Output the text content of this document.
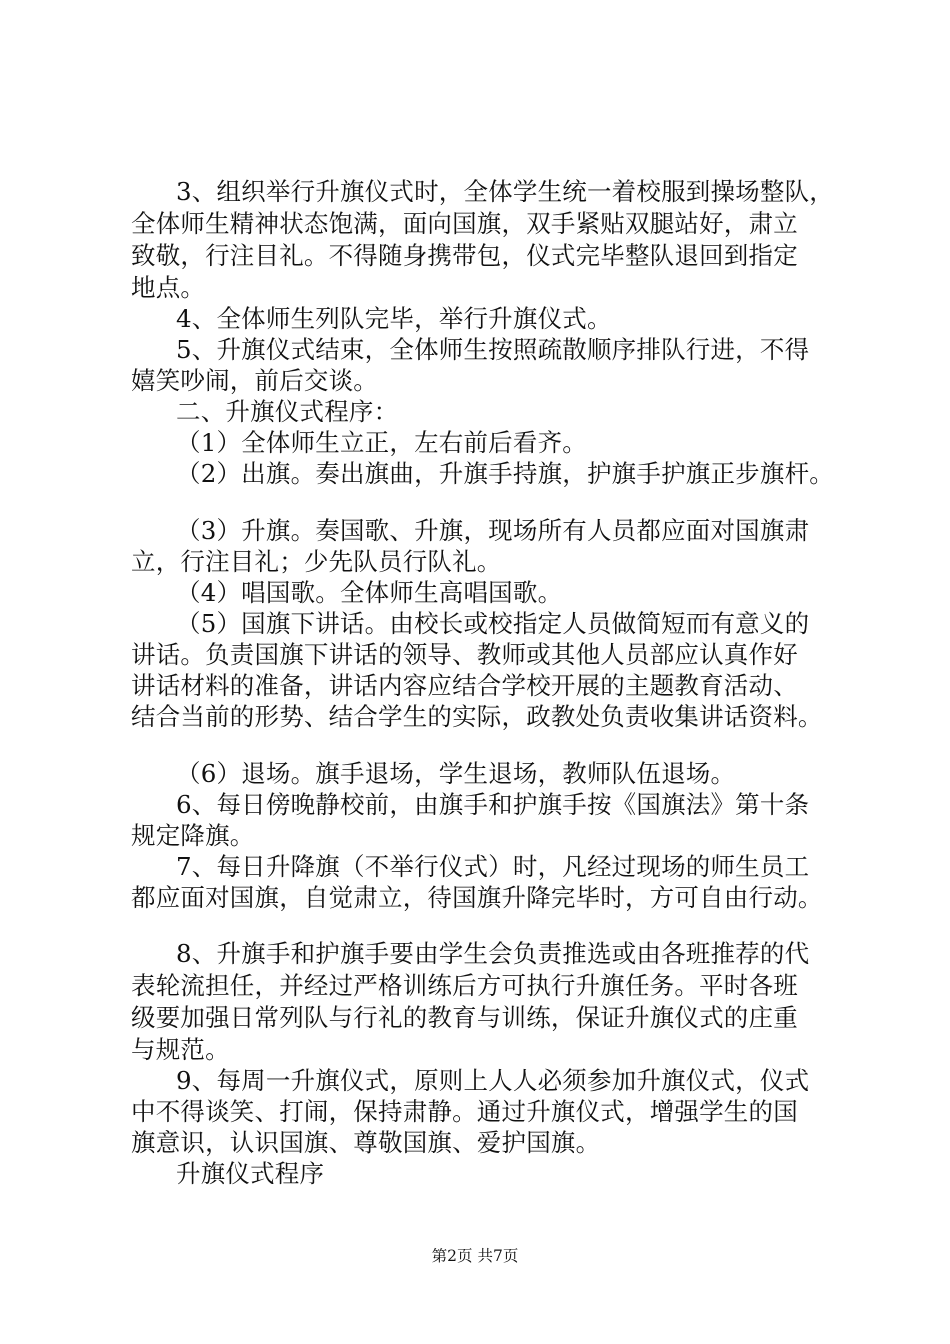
3、组织举行升旗仪式时，全体学生统一着校服到操场整队，
全体师生精神状态饱满，面向国旗，双手紧贴双腿站好，肃立
致敬，行注目礼。不得随身携带包，仪式完毕整队退回到指定
地点。
4、全体师生列队完毕，举行升旗仪式。
5、升旗仪式结束，全体师生按照疏散顺序排队行进，不得
嬉笑吵闹，前后交谈。
二、升旗仪式程序：
（1）全体师生立正，左右前后看齐。
（2）出旗。奏出旗曲，升旗手持旗，护旗手护旗正步旗杆。
（3）升旗。奏国歌、升旗，现场所有人员都应面对国旗肃
立，行注目礼；少先队员行队礼。
（4）唱国歌。全体师生高唱国歌。
（5）国旗下讲话。由校长或校指定人员做简短而有意义的
讲话。负责国旗下讲话的领导、教师或其他人员部应认真作好
讲话材料的准备，讲话内容应结合学校开展的主题教育活动、
结合当前的形势、结合学生的实际，政教处负责收集讲话资料。
（6）退场。旗手退场，学生退场，教师队伍退场。
6、每日傍晚静校前，由旗手和护旗手按《国旗法》第十条
规定降旗。
7、每日升降旗（不举行仪式）时，凡经过现场的师生员工
都应面对国旗，自觉肃立，待国旗升降完毕时，方可自由行动。
8、升旗手和护旗手要由学生会负责推选或由各班推荐的代
表轮流担任，并经过严格训练后方可执行升旗任务。平时各班
级要加强日常列队与行礼的教育与训练，保证升旗仪式的庄重
与规范。
9、每周一升旗仪式，原则上人人必须参加升旗仪式，仪式
中不得谈笑、打闹，保持肃静。通过升旗仪式，增强学生的国
旗意识，认识国旗、尊敬国旗、爱护国旗。
升旗仪式程序
第2页 共7页
